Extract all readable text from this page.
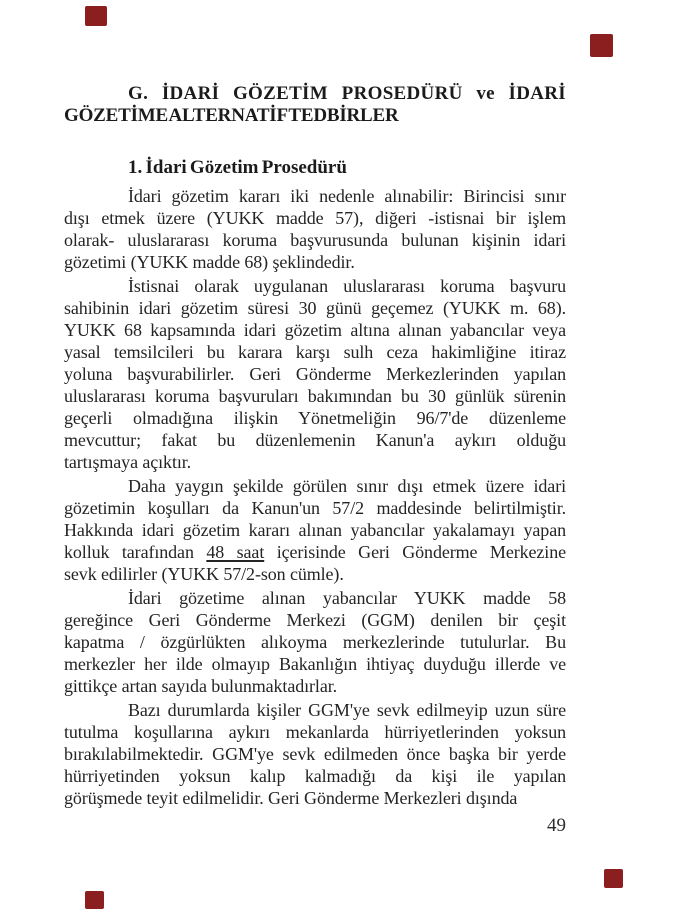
G. İDARİ GÖZETİM PROSEDÜRÜ ve İDARİ
GÖZETİME ALTERNATİF TEDBİRLER
1. İdari Gözetim Prosedürü

İdari gözetim kararı iki nedenle alınabilir: Birincisi sınır
dışı etmek üzere (YUKK madde 57), diğeri -istisnai bir işlem
olarak- uluslararası koruma başvurusunda bulunan kişinin idari
gözetimi (YUKK madde 68) şeklindedir.

İstisnai olarak uygulanan uluslararası koruma başvuru
sahibinin idari gözetim süresi 30 günü geçemez (YUKK m. 68).
YUKK 68 kapsamında idari gözetim altına alınan yabancılar veya
yasal temsilcileri bu karara karşı sulh ceza hakimliğine itiraz
yoluna başvurabilirler. Geri Gönderme Merkezlerinden yapılan
uluslararası koruma başvuruları bakımından bu 30 günlük sürenin
geçerli olmadığına ilişkin Yönetmeliğin 96/7'de düzenleme
mevcuttur; fakat bu düzenlemenin Kanun'a aykırı olduğu
tartışmaya açıktır.

Daha yaygın şekilde görülen sınır dışı etmek üzere idari
gözetimin koşulları da Kanun'un 57/2 maddesinde belirtilmiştir.
Hakkında idari gözetim kararı alınan yabancılar yakalamayı yapan
kolluk tarafından 48 saat içerisinde Geri Gönderme Merkezine
sevk edilirler (YUKK 57/2-son cümle).

İdari gözetime alınan yabancılar YUKK madde 58
gereğince Geri Gönderme Merkezi (GGM) denilen bir çeşit
kapatma / özgürlükten alıkoyma merkezlerinde tutulurlar. Bu
merkezler her ilde olmayıp Bakanlığın ihtiyaç duyduğu illerde ve
gittikçe artan sayıda bulunmaktadırlar.

Bazı durumlarda kişiler GGM'ye sevk edilmeyip uzun süre
tutulma koşullarına aykırı mekanlarda hürriyetlerinden yoksun
bırakılabilmektedir. GGM'ye sevk edilmeden önce başka bir yerde
hürriyetinden yoksun kalıp kalmadığı da kişi ile yapılan
görüşmede teyit edilmelidir. Geri Gönderme Merkezleri dışında

49
